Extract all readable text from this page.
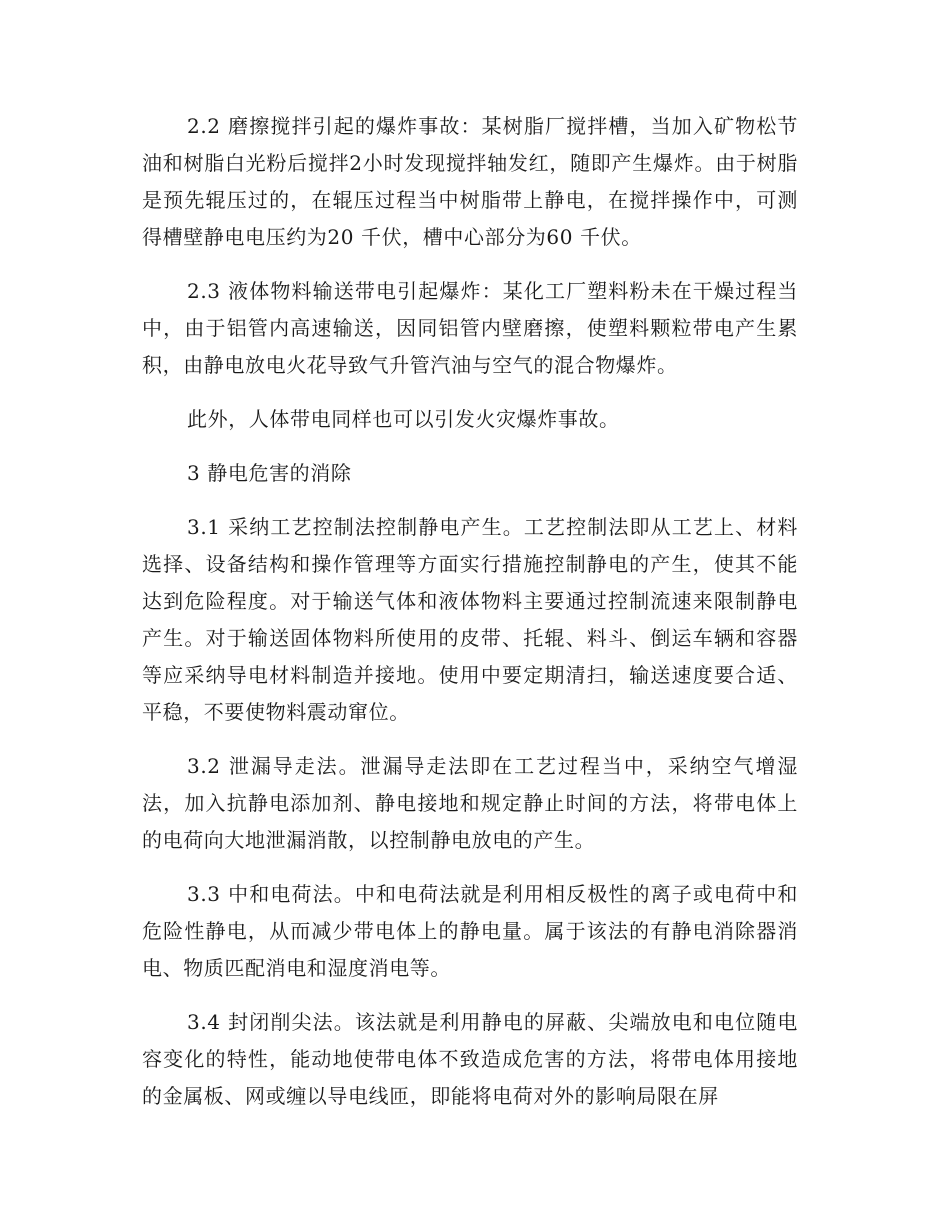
2.2 磨擦搅拌引起的爆炸事故：某树脂厂搅拌槽，当加入矿物松节油和树脂白光粉后搅拌2小时发现搅拌轴发红，随即产生爆炸。由于树脂是预先辊压过的，在辊压过程当中树脂带上静电，在搅拌操作中，可测得槽壁静电电压约为20 千伏，槽中心部分为60 千伏。

2.3 液体物料输送带电引起爆炸：某化工厂塑料粉未在干燥过程当中，由于铝管内高速输送，因同铝管内壁磨擦，使塑料颗粒带电产生累积，由静电放电火花导致气升管汽油与空气的混合物爆炸。

此外，人体带电同样也可以引发火灾爆炸事故。

3 静电危害的消除

3.1 采纳工艺控制法控制静电产生。工艺控制法即从工艺上、材料选择、设备结构和操作管理等方面实行措施控制静电的产生，使其不能达到危险程度。对于输送气体和液体物料主要通过控制流速来限制静电产生。对于输送固体物料所使用的皮带、托辊、料斗、倒运车辆和容器等应采纳导电材料制造并接地。使用中要定期清扫，输送速度要合适、平稳，不要使物料震动窜位。

3.2 泄漏导走法。泄漏导走法即在工艺过程当中，采纳空气增湿法，加入抗静电添加剂、静电接地和规定静止时间的方法，将带电体上的电荷向大地泄漏消散，以控制静电放电的产生。

3.3 中和电荷法。中和电荷法就是利用相反极性的离子或电荷中和危险性静电，从而减少带电体上的静电量。属于该法的有静电消除器消电、物质匹配消电和湿度消电等。

3.4 封闭削尖法。该法就是利用静电的屏蔽、尖端放电和电位随电容变化的特性，能动地使带电体不致造成危害的方法，将带电体用接地的金属板、网或缠以导电线匝，即能将电荷对外的影响局限在屏
